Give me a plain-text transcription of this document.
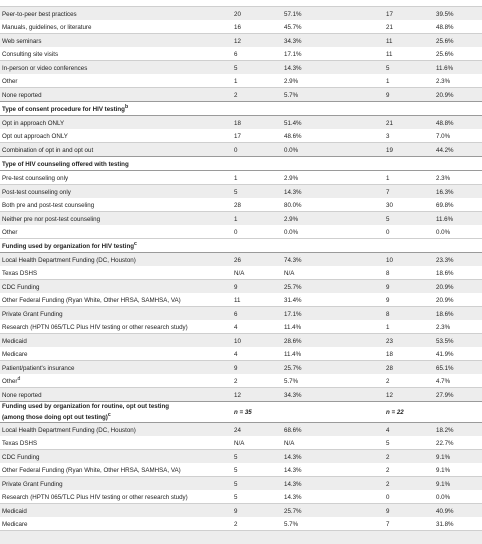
Peer-to-peer best practices	20	57.1%	17	39.5%
Manuals, guidelines, or literature	16	45.7%	21	48.8%
Web seminars	12	34.3%	11	25.6%
Consulting site visits	6	17.1%	11	25.6%
In-person or video conferences	5	14.3%	5	11.6%
Other	1	2.9%	1	2.3%
None reported	2	5.7%	9	20.9%
Type of consent procedure for HIV testing$^b$
Opt in approach ONLY	18	51.4%	21	48.8%
Opt out approach ONLY	17	48.6%	3	7.0%
Combination of opt in and opt out	0	0.0%	19	44.2%
Type of HIV counseling offered with testing				
Pre-test counseling only	1	2.9%	1	2.3%
Post-test counseling only	5	14.3%	7	16.3%
Both pre and post-test counseling	28	80.0%	30	69.8%
Neither pre nor post-test counseling	1	2.9%	5	11.6%
Other	0	0.0%	0	0.0%
Funding used by organization for HIV testing$^c$
Local Health Department Funding (DC, Houston)	26	74.3%	10	23.3%
Texas DSHS	N/A	N/A	8	18.6%
CDC Funding	9	25.7%	9	20.9%
Other Federal Funding (Ryan White, Other HRSA, SAMHSA, VA)	11	31.4%	9	20.9%
Private Grant Funding	6	17.1%	8	18.6%
Research (HPTN 065/TLC Plus HIV testing or other research study)	4	11.4%	1	2.3%
Medicaid	10	28.6%	23	53.5%
Medicare	4	11.4%	18	41.9%
Patient/patient's insurance	9	25.7%	28	65.1%
Other$^d$	2	5.7%	2	4.7%
None reported	12	34.3%	12	27.9%
Funding used by organization for routine, opt out testing
(among those doing opt out testing)$^c$	n = 35		n = 22	
Local Health Department Funding (DC, Houston)	24	68.6%	4	18.2%
Texas DSHS	N/A	N/A	5	22.7%
CDC Funding	5	14.3%	2	9.1%
Other Federal Funding (Ryan White, Other HRSA, SAMHSA, VA)	5	14.3%	2	9.1%
Private Grant Funding	5	14.3%	2	9.1%
Research (HPTN 065/TLC Plus HIV testing or other research study)	5	14.3%	0	0.0%
Medicaid	9	25.7%	9	40.9%
Medicare	2	5.7%	7	31.8%
